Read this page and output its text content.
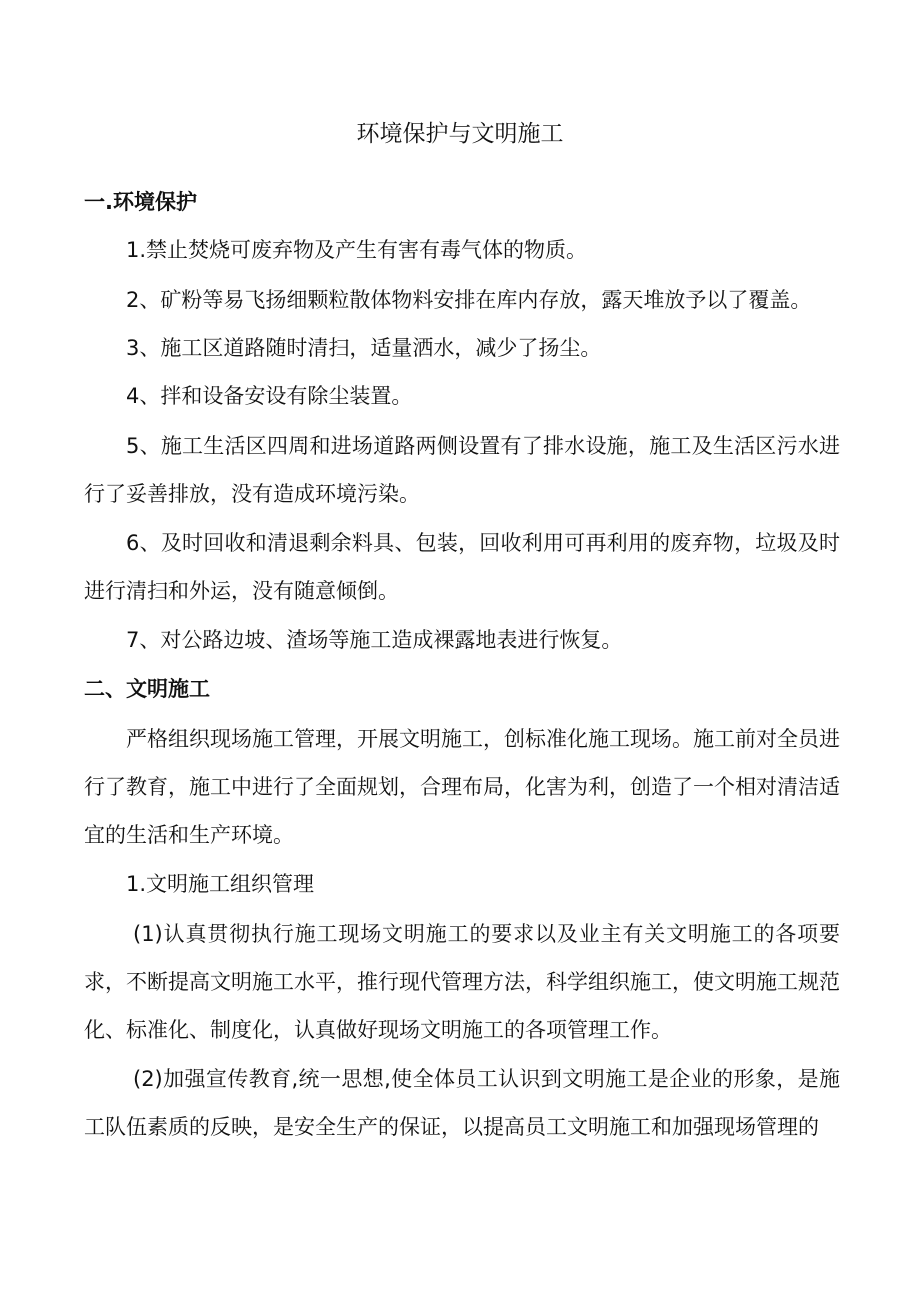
环境保护与文明施工

一.环境保护

1.禁止焚烧可废弃物及产生有害有毒气体的物质。

2、矿粉等易飞扬细颗粒散体物料安排在库内存放，露天堆放予以了覆盖。

3、施工区道路随时清扫，适量洒水，减少了扬尘。

4、拌和设备安设有除尘装置。

5、施工生活区四周和进场道路两侧设置有了排水设施，施工及生活区污水进行了妥善排放，没有造成环境污染。

6、及时回收和清退剩余料具、包装，回收利用可再利用的废弃物，垃圾及时进行清扫和外运，没有随意倾倒。

7、对公路边坡、渣场等施工造成裸露地表进行恢复。

二、文明施工

严格组织现场施工管理，开展文明施工，创标准化施工现场。施工前对全员进行了教育，施工中进行了全面规划，合理布局，化害为利，创造了一个相对清洁适宜的生活和生产环境。

1.文明施工组织管理

(1)认真贯彻执行施工现场文明施工的要求以及业主有关文明施工的各项要求，不断提高文明施工水平，推行现代管理方法，科学组织施工，使文明施工规范化、标准化、制度化，认真做好现场文明施工的各项管理工作。

(2)加强宣传教育,统一思想,使全体员工认识到文明施工是企业的形象，是施工队伍素质的反映，是安全生产的保证，以提高员工文明施工和加强现场管理的
